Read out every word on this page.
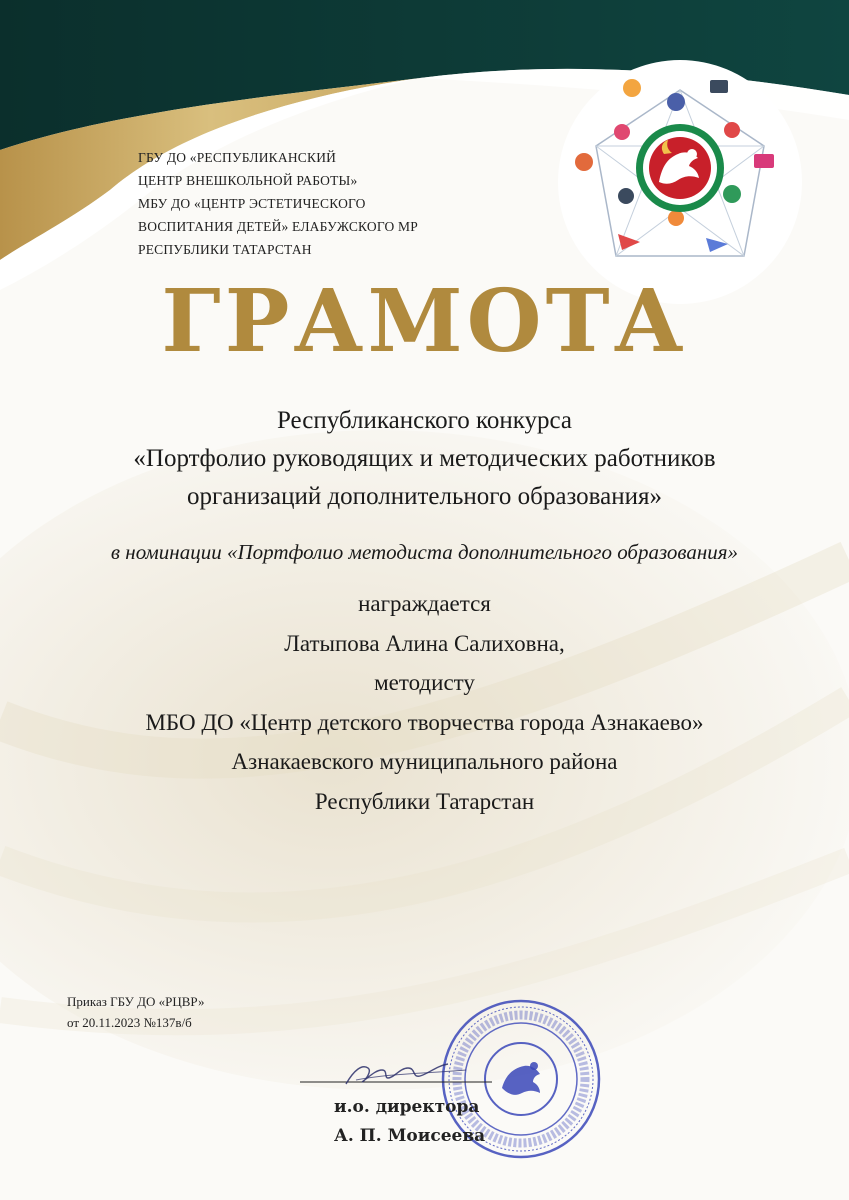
ГБУ ДО «РЕСПУБЛИКАНСКИЙ
ЦЕНТР ВНЕШКОЛЬНОЙ РАБОТЫ»
МБУ ДО «ЦЕНТР ЭСТЕТИЧЕСКОГО
ВОСПИТАНИЯ ДЕТЕЙ» ЕЛАБУЖСКОГО МР
РЕСПУБЛИКИ ТАТАРСТАН
ГРАМОТА
Республиканского конкурса
«Портфолио руководящих и методических работников
организаций дополнительного образования»
в номинации «Портфолио методиста дополнительного образования»
награждается
Латыпова Алина Салиховна,
методисту
МБО ДО «Центр детского творчества города Азнакаево»
Азнакаевского муниципального района
Республики Татарстан
Приказ ГБУ ДО «РЦВР»
от 20.11.2023 №137в/б
и.о. директора
А. П. Моисеева
